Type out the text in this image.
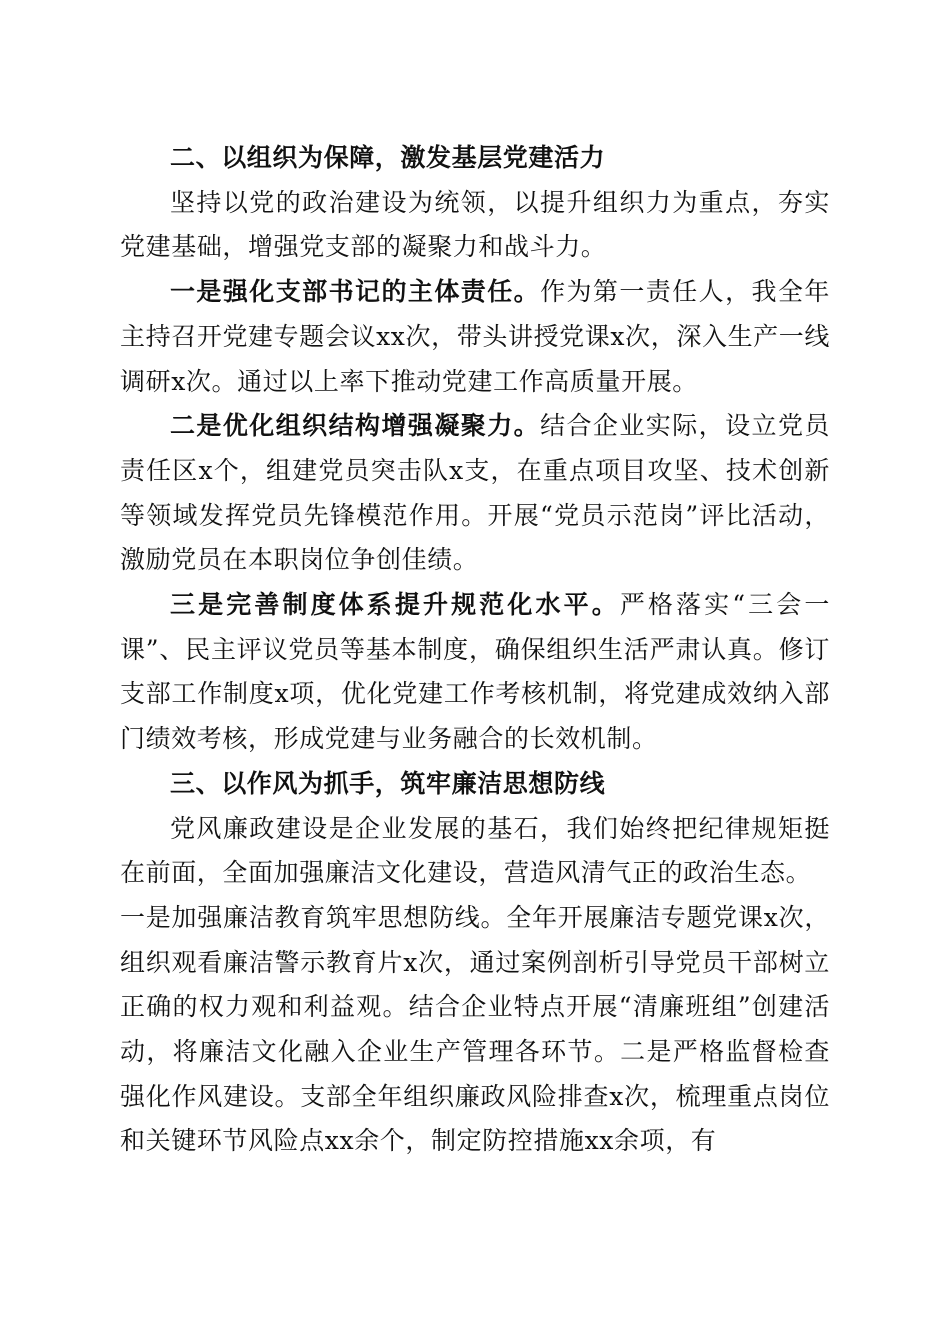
二、以组织为保障，激发基层党建活力

坚持以党的政治建设为统领，以提升组织力为重点，夯实党建基础，增强党支部的凝聚力和战斗力。

一是强化支部书记的主体责任。作为第一责任人，我全年主持召开党建专题会议xx次，带头讲授党课x次，深入生产一线调研x次。通过以上率下推动党建工作高质量开展。

二是优化组织结构增强凝聚力。结合企业实际，设立党员责任区x个，组建党员突击队x支，在重点项目攻坚、技术创新等领域发挥党员先锋模范作用。开展“党员示范岗”评比活动，激励党员在本职岗位争创佳绩。

三是完善制度体系提升规范化水平。严格落实“三会一课”、民主评议党员等基本制度，确保组织生活严肃认真。修订支部工作制度x项，优化党建工作考核机制，将党建成效纳入部门绩效考核，形成党建与业务融合的长效机制。

三、以作风为抓手，筑牢廉洁思想防线

党风廉政建设是企业发展的基石，我们始终把纪律规矩挺在前面，全面加强廉洁文化建设，营造风清气正的政治生态。

一是加强廉洁教育筑牢思想防线。全年开展廉洁专题党课x次，组织观看廉洁警示教育片x次，通过案例剖析引导党员干部树立正确的权力观和利益观。结合企业特点开展“清廉班组”创建活动，将廉洁文化融入企业生产管理各环节。二是严格监督检查强化作风建设。支部全年组织廉政风险排查x次，梳理重点岗位和关键环节风险点xx余个，制定防控措施xx余项，有
